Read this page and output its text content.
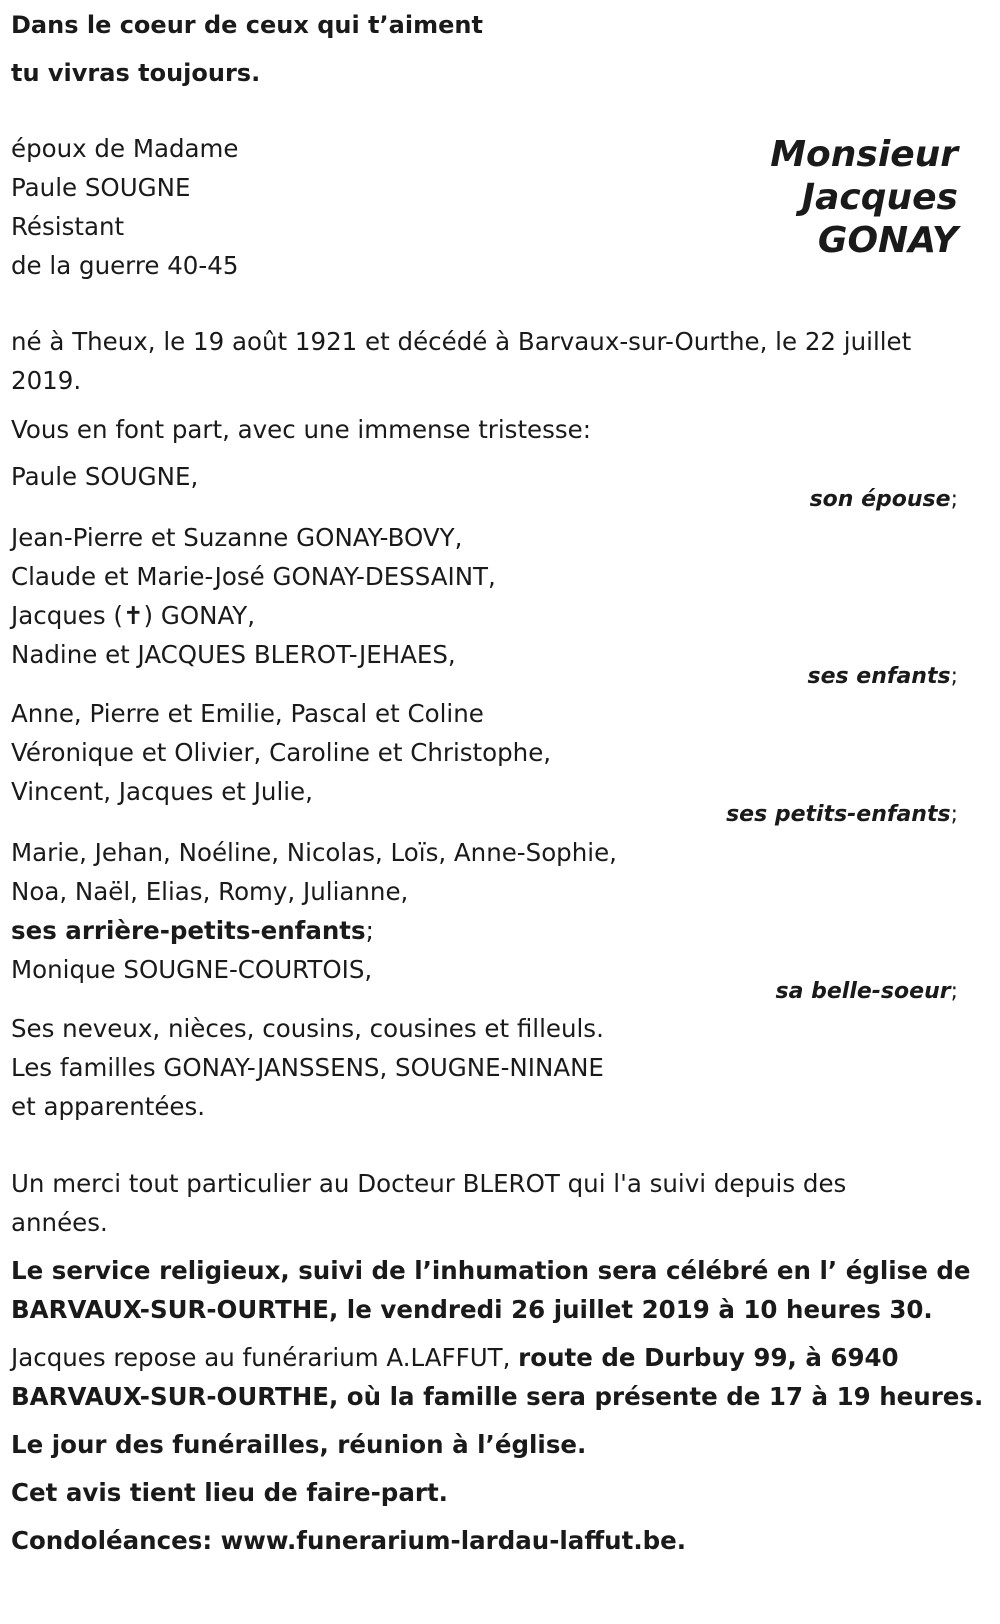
Dans le coeur de ceux qui t’aiment
tu vivras toujours.
époux de Madame
Paule SOUGNE
Résistant
de la guerre 40-45
Monsieur
Jacques
GONAY
né à Theux, le 19 août 1921 et décédé à Barvaux-sur-Ourthe, le 22 juillet
2019.
Vous en font part, avec une immense tristesse:
Paule SOUGNE,
son épouse;
Jean-Pierre et Suzanne GONAY-BOVY,
Claude et Marie-José GONAY-DESSAINT,
Jacques (✝) GONAY,
Nadine et JACQUES BLEROT-JEHAES,
ses enfants;
Anne, Pierre et Emilie, Pascal et Coline
Véronique et Olivier, Caroline et Christophe,
Vincent, Jacques et Julie,
ses petits-enfants;
Marie, Jehan, Noéline, Nicolas, Loïs, Anne-Sophie,
Noa, Naël, Elias, Romy, Julianne,
ses arrière-petits-enfants;
Monique SOUGNE-COURTOIS,
sa belle-soeur;
Ses neveux, nièces, cousins, cousines et filleuls.
Les familles GONAY-JANSSENS, SOUGNE-NINANE
et apparentées.
Un merci tout particulier au Docteur BLEROT qui l'a suivi depuis des
années.
Le service religieux, suivi de l’inhumation sera célébré en l’ église de
BARVAUX-SUR-OURTHE, le vendredi 26 juillet 2019 à 10 heures 30.
Jacques repose au funérarium A.LAFFUT, route de Durbuy 99, à 6940
BARVAUX-SUR-OURTHE, où la famille sera présente de 17 à 19 heures.
Le jour des funérailles, réunion à l’église.
Cet avis tient lieu de faire-part.
Condoléances: www.funerarium-lardau-laffut.be.
